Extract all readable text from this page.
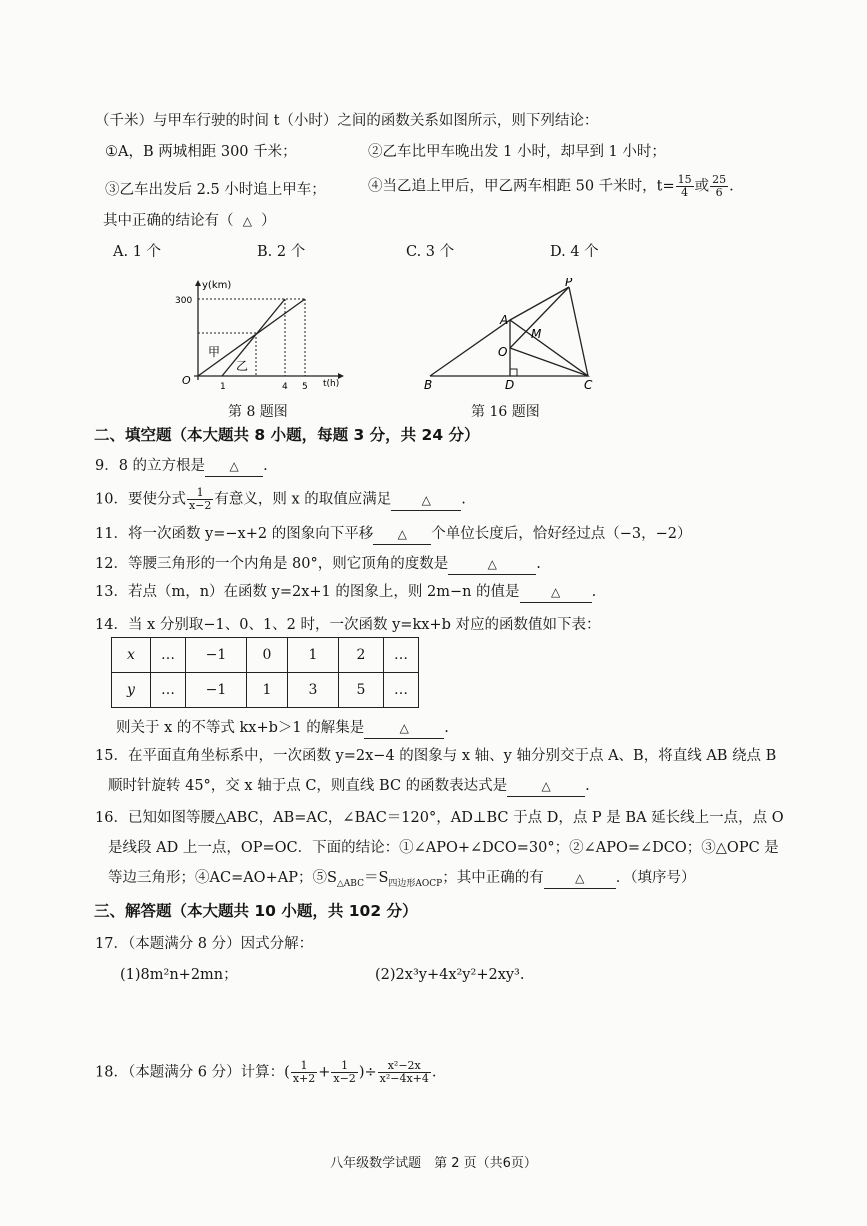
（千米）与甲车行驶的时间 t（小时）之间的函数关系如图所示，则下列结论：
①A，B 两城相距 300 千米；	②乙车比甲车晚出发 1 小时，却早到 1 小时；
③乙车出发后 2.5 小时追上甲车；	④当乙追上甲后，甲乙两车相距 50 千米时，$t= \frac{15}{4}$ 或 $\frac{25}{6}$ .
其中正确的结论有（ △ ）
A. 1 个	B. 2 个	C. 3 个	D. 4 个
y(km)
300
O	1	4 5 t(h)
甲
乙
第 8 题图
P
A
M
O
B	D	C
第 16 题图
二、填空题（本大题共 8 小题，每题 3 分，共 24 分）
9．8 的立方根是 △ .
10．要使分式 $\frac{1}{x-2}$ 有意义，则 x 的取值应满足	△ .
11．将一次函数 y=−x+2 的图象向下平移 △ 个单位长度后，恰好经过点（−3，−2）
12．等腰三角形的一个内角是 80°，则它顶角的度数是	△	.
13．若点（m，n）在函数 y=2x+1 的图象上，则 2m−n 的值是	△ .
14．当 x 分别取−1、0、1、2 时，一次函数 y=kx+b 对应的函数值如下表：
x	…	−1	0	1	2	…
y	…	−1	1	3	5	…
则关于 x 的不等式 kx+b＞1 的解集是	△ .
15．在平面直角坐标系中，一次函数 y=2x−4 的图象与 x 轴、y 轴分别交于点 A、B，将直线 AB 绕点 B
顺时针旋转 45°，交 x 轴于点 C，则直线 BC 的函数表达式是	△ .
16．已知如图等腰△ABC，AB=AC，∠BAC＝120°，AD⊥BC 于点 D，点 P 是 BA 延长线上一点，点 O
是线段 AD 上一点，OP=OC．下面的结论：①∠APO+∠DCO=30°；②∠APO=∠DCO；③△OPC 是
等边三角形；④AC=AO+AP；$⑤S_{\triangle ABC}=S_{四边形AOCP}$；其中正确的有	△ ．（填序号）
三、解答题（本大题共 10 小题，共 102 分）
17．（本题满分 8 分）因式分解：
(1)8m²n+2mn；	(2)2x³y+4x²y²+2xy³.
18．（本题满分 6 分）计算：( $\frac{1}{x+2} + \frac{1}{x-2}$ )÷ $\frac{\text{x²−2x}}{\text{x²−4x+4}}$ .
八年级数学试题　第 2 页（共6页）
